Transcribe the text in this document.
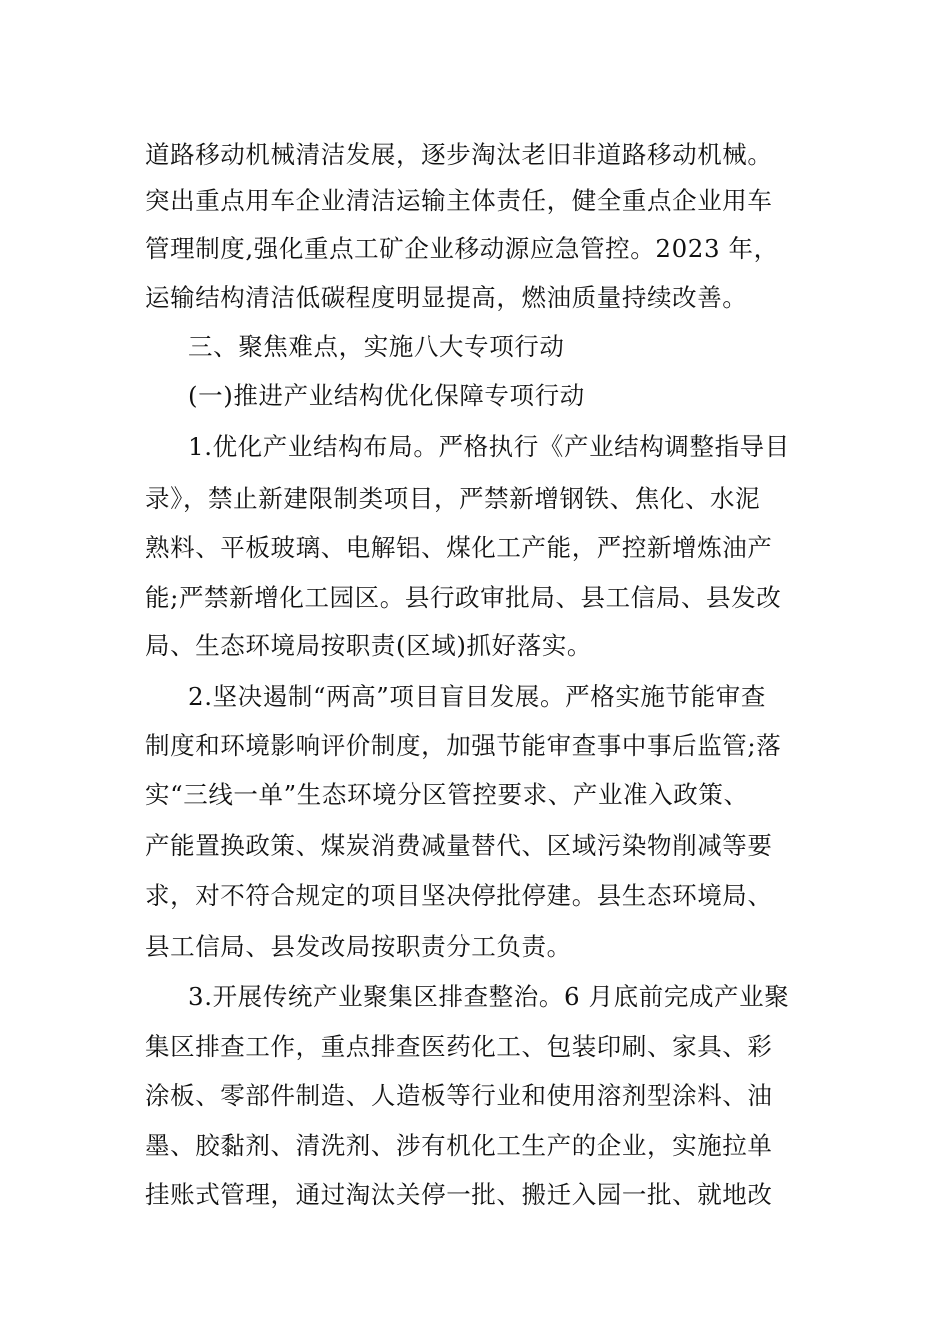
道路移动机械清洁发展，逐步淘汰老旧非道路移动机械。
突出重点用车企业清洁运输主体责任，健全重点企业用车
管理制度,强化重点工矿企业移动源应急管控。2023 年，
运输结构清洁低碳程度明显提高，燃油质量持续改善。
三、聚焦难点，实施八大专项行动
(一)推进产业结构优化保障专项行动
1.优化产业结构布局。严格执行《产业结构调整指导目
录》，禁止新建限制类项目，严禁新增钢铁、焦化、水泥
熟料、平板玻璃、电解铝、煤化工产能，严控新增炼油产
能;严禁新增化工园区。县行政审批局、县工信局、县发改
局、生态环境局按职责(区域)抓好落实。
2.坚决遏制“两高”项目盲目发展。严格实施节能审查
制度和环境影响评价制度，加强节能审查事中事后监管;落
实“三线一单”生态环境分区管控要求、产业准入政策、
产能置换政策、煤炭消费减量替代、区域污染物削减等要
求，对不符合规定的项目坚决停批停建。县生态环境局、
县工信局、县发改局按职责分工负责。
3.开展传统产业聚集区排查整治。6 月底前完成产业聚
集区排查工作，重点排查医药化工、包装印刷、家具、彩
涂板、零部件制造、人造板等行业和使用溶剂型涂料、油
墨、胶黏剂、清洗剂、涉有机化工生产的企业，实施拉单
挂账式管理，通过淘汰关停一批、搬迁入园一批、就地改
